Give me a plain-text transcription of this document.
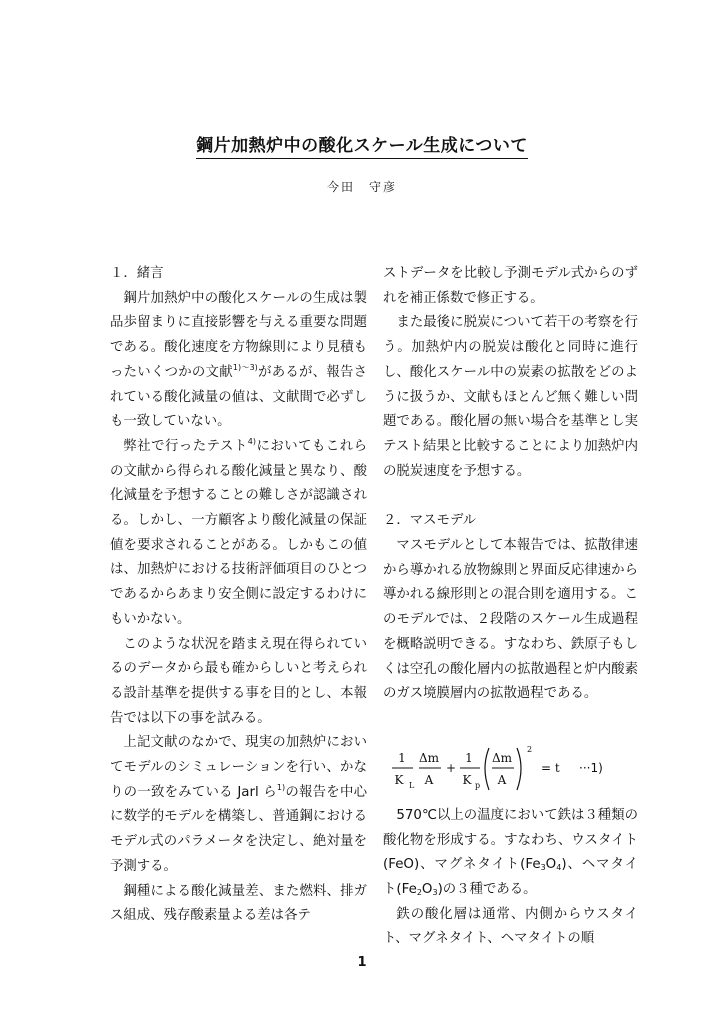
鋼片加熱炉中の酸化スケール生成について
今田　守彦

１．緒言

鋼片加熱炉中の酸化スケールの生成は製品歩留まりに直接影響を与える重要な問題である。酸化速度を方物線則により見積もったいくつかの文献$^{1)\sim 3)}$があるが、報告されている酸化減量の値は、文献間で必ずしも一致していない。

弊社で行ったテスト$^{4)}$においてもこれらの文献から得られる酸化減量と異なり、酸化減量を予想することの難しさが認識される。しかし、一方顧客より酸化減量の保証値を要求されることがある。しかもこの値は、加熱炉における技術評価項目のひとつであるからあまり安全側に設定するわけにもいかない。

このような状況を踏まえ現在得られているのデータから最も確からしいと考えられる設計基準を提供する事を目的とし、本報告では以下の事を試みる。

上記文献のなかで、現実の加熱炉においてモデルのシミュレーションを行い、かなりの一致をみている Jarl ら$^{1)}$の報告を中心に数学的モデルを構築し、普通鋼におけるモデル式のパラメータを決定し、絶対量を予測する。

鋼種による酸化減量差、また燃料、排ガス組成、残存酸素量よる差は各テ

ストデータを比較し予測モデル式からのずれを補正係数で修正する。

また最後に脱炭について若干の考察を行う。加熱炉内の脱炭は酸化と同時に進行し、酸化スケール中の炭素の拡散をどのように扱うか、文献もほとんど無く難しい問題である。酸化層の無い場合を基準とし実テスト結果と比較することにより加熱炉内の脱炭速度を予想する。

２．マスモデル

マスモデルとして本報告では、拡散律速から導かれる放物線則と界面反応律速から導かれる線形則との混合則を適用する。このモデルでは、２段階のスケール生成過程を概略説明できる。すなわち、鉄原子もしくは空孔の酸化層内の拡散過程と炉内酸素のガス境膜層内の拡散過程である。

1
K L
Δm
A
+
1
K p
Δm
A
2
= t ···1)

570℃以上の温度において鉄は３種類の酸化物を形成する。すなわち、ウスタイト(FeO)、マグネタイト$(Fe_3O_4)$、ヘマタイト$(Fe_2O_3)$の３種である。

鉄の酸化層は通常、内側からウスタイト、マグネタイト、ヘマタイトの順

1
